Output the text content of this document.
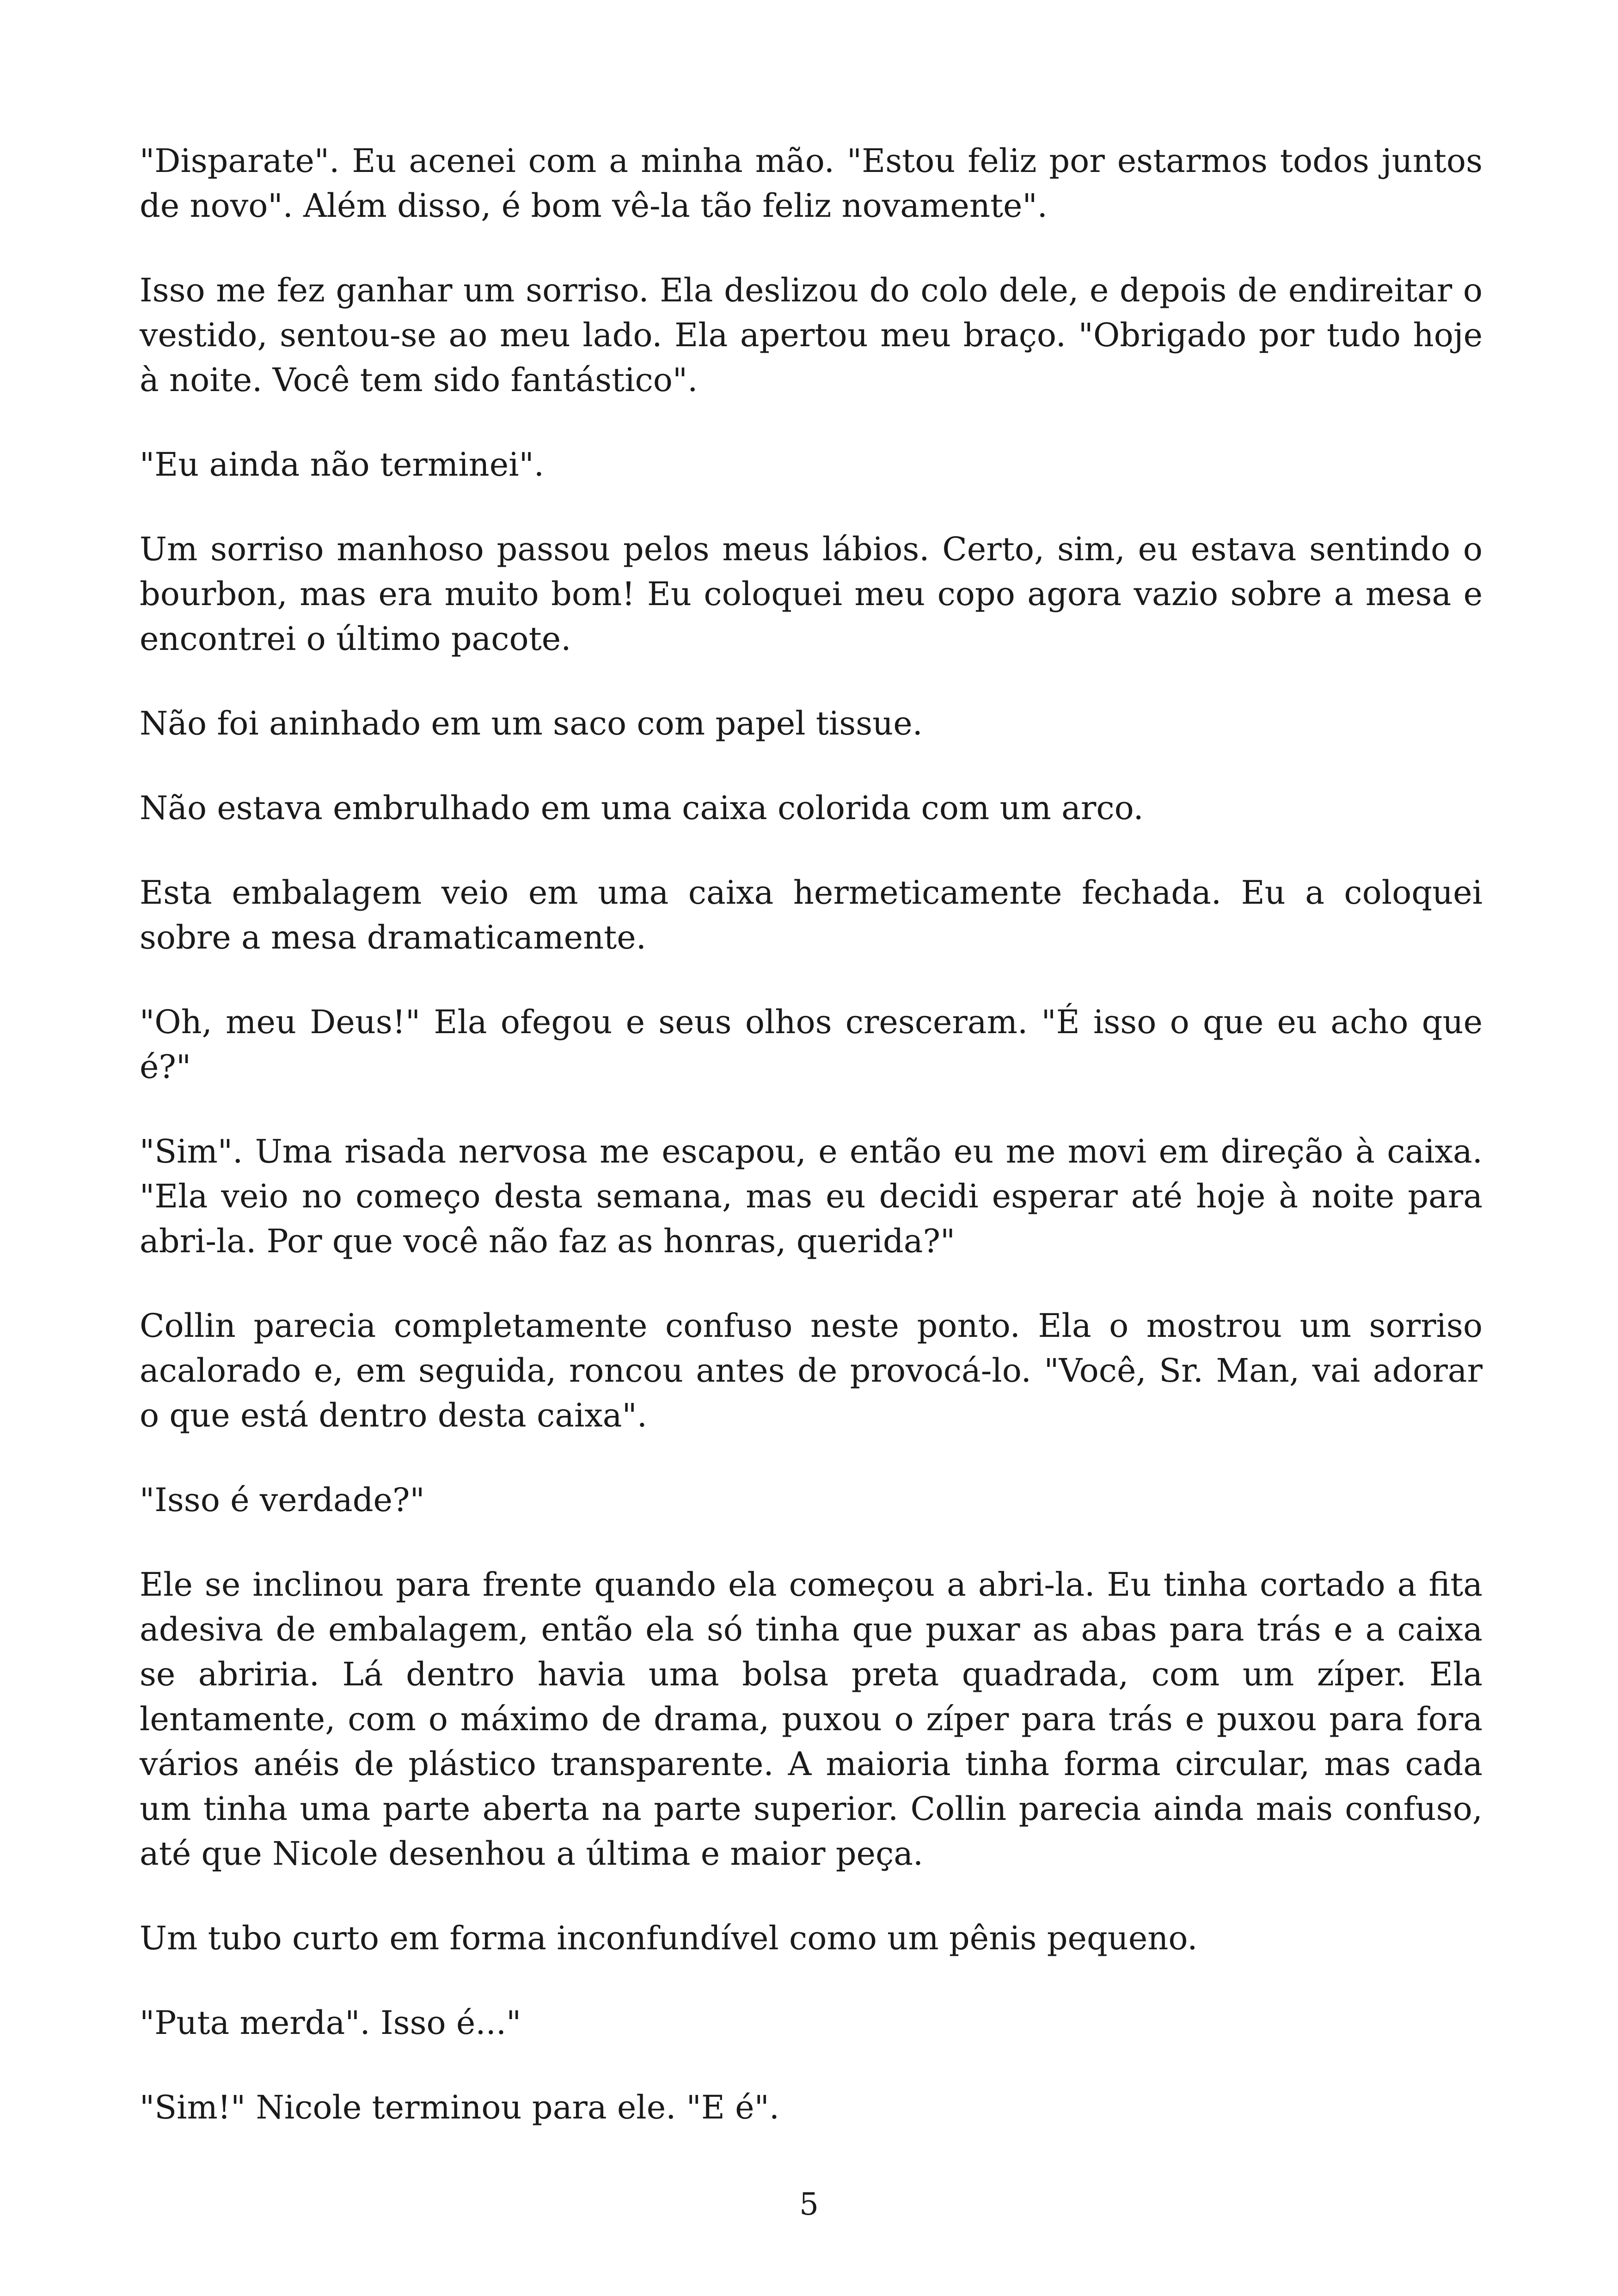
"Disparate". Eu acenei com a minha mão. "Estou feliz por estarmos todos juntos de novo". Além disso, é bom vê-la tão feliz novamente".

Isso me fez ganhar um sorriso. Ela deslizou do colo dele, e depois de endireitar o vestido, sentou-se ao meu lado. Ela apertou meu braço. "Obrigado por tudo hoje à noite. Você tem sido fantástico".

"Eu ainda não terminei".

Um sorriso manhoso passou pelos meus lábios. Certo, sim, eu estava sentindo o bourbon, mas era muito bom! Eu coloquei meu copo agora vazio sobre a mesa e encontrei o último pacote.

Não foi aninhado em um saco com papel tissue.

Não estava embrulhado em uma caixa colorida com um arco.

Esta embalagem veio em uma caixa hermeticamente fechada. Eu a coloquei sobre a mesa dramaticamente.

"Oh, meu Deus!" Ela ofegou e seus olhos cresceram. "É isso o que eu acho que é?"

"Sim". Uma risada nervosa me escapou, e então eu me movi em direção à caixa. "Ela veio no começo desta semana, mas eu decidi esperar até hoje à noite para abri-la. Por que você não faz as honras, querida?"

Collin parecia completamente confuso neste ponto. Ela o mostrou um sorriso acalorado e, em seguida, roncou antes de provocá-lo. "Você, Sr. Man, vai adorar o que está dentro desta caixa".

"Isso é verdade?"

Ele se inclinou para frente quando ela começou a abri-la. Eu tinha cortado a fita adesiva de embalagem, então ela só tinha que puxar as abas para trás e a caixa se abriria. Lá dentro havia uma bolsa preta quadrada, com um zíper. Ela lentamente, com o máximo de drama, puxou o zíper para trás e puxou para fora vários anéis de plástico transparente. A maioria tinha forma circular, mas cada um tinha uma parte aberta na parte superior. Collin parecia ainda mais confuso, até que Nicole desenhou a última e maior peça.

Um tubo curto em forma inconfundível como um pênis pequeno.

"Puta merda". Isso é..."

"Sim!" Nicole terminou para ele. "E é".

5
